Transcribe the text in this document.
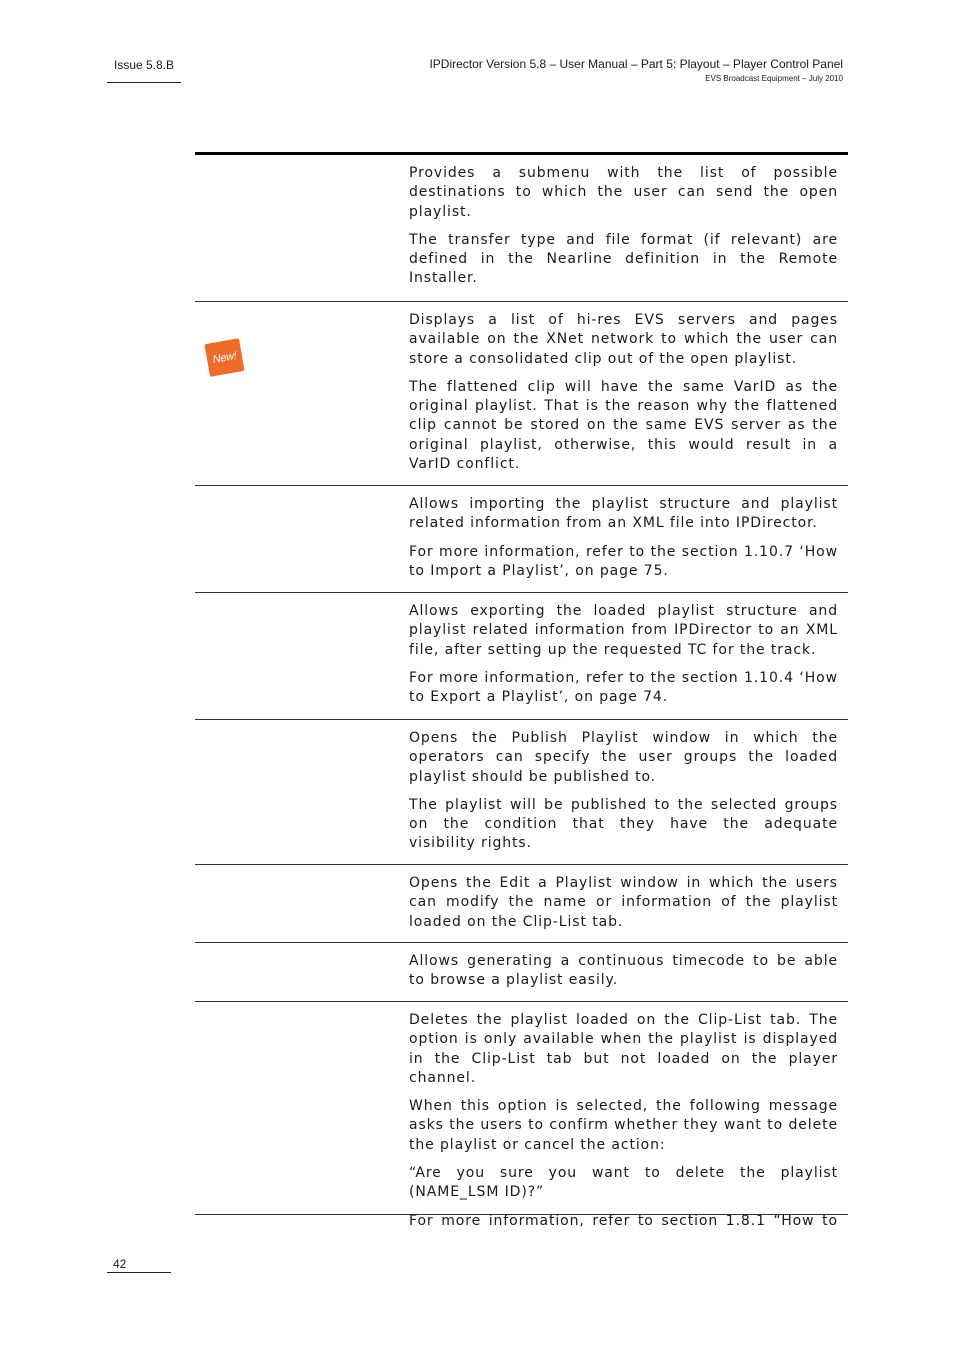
Issue 5.8.B	IPDirector Version 5.8 – User Manual – Part 5: Playout – Player Control Panel
EVS Broadcast Equipment – July 2010

Provides a submenu with the list of possible destinations to which the user can send the open playlist.

The transfer type and file format (if relevant) are defined in the Nearline definition in the Remote Installer.

New!

Displays a list of hi-res EVS servers and pages available on the XNet network to which the user can store a consolidated clip out of the open playlist.

The flattened clip will have the same VarID as the original playlist. That is the reason why the flattened clip cannot be stored on the same EVS server as the original playlist, otherwise, this would result in a VarID conflict.

Allows importing the playlist structure and playlist related information from an XML file into IPDirector.

For more information, refer to the section 1.10.7 ‘How to Import a Playlist’, on page 75.

Allows exporting the loaded playlist structure and playlist related information from IPDirector to an XML file, after setting up the requested TC for the track.

For more information, refer to the section 1.10.4 ‘How to Export a Playlist’, on page 74.

Opens the Publish Playlist window in which the operators can specify the user groups the loaded playlist should be published to.

The playlist will be published to the selected groups on the condition that they have the adequate visibility rights.

Opens the Edit a Playlist window in which the users can modify the name or information of the playlist loaded on the Clip-List tab.

Allows generating a continuous timecode to be able to browse a playlist easily.

Deletes the playlist loaded on the Clip-List tab. The option is only available when the playlist is displayed in the Clip-List tab but not loaded on the player channel.

When this option is selected, the following message asks the users to confirm whether they want to delete the playlist or cancel the action:

“Are you sure you want to delete the playlist (NAME_LSM ID)?”

For more information, refer to section 1.8.1 “How to

42
